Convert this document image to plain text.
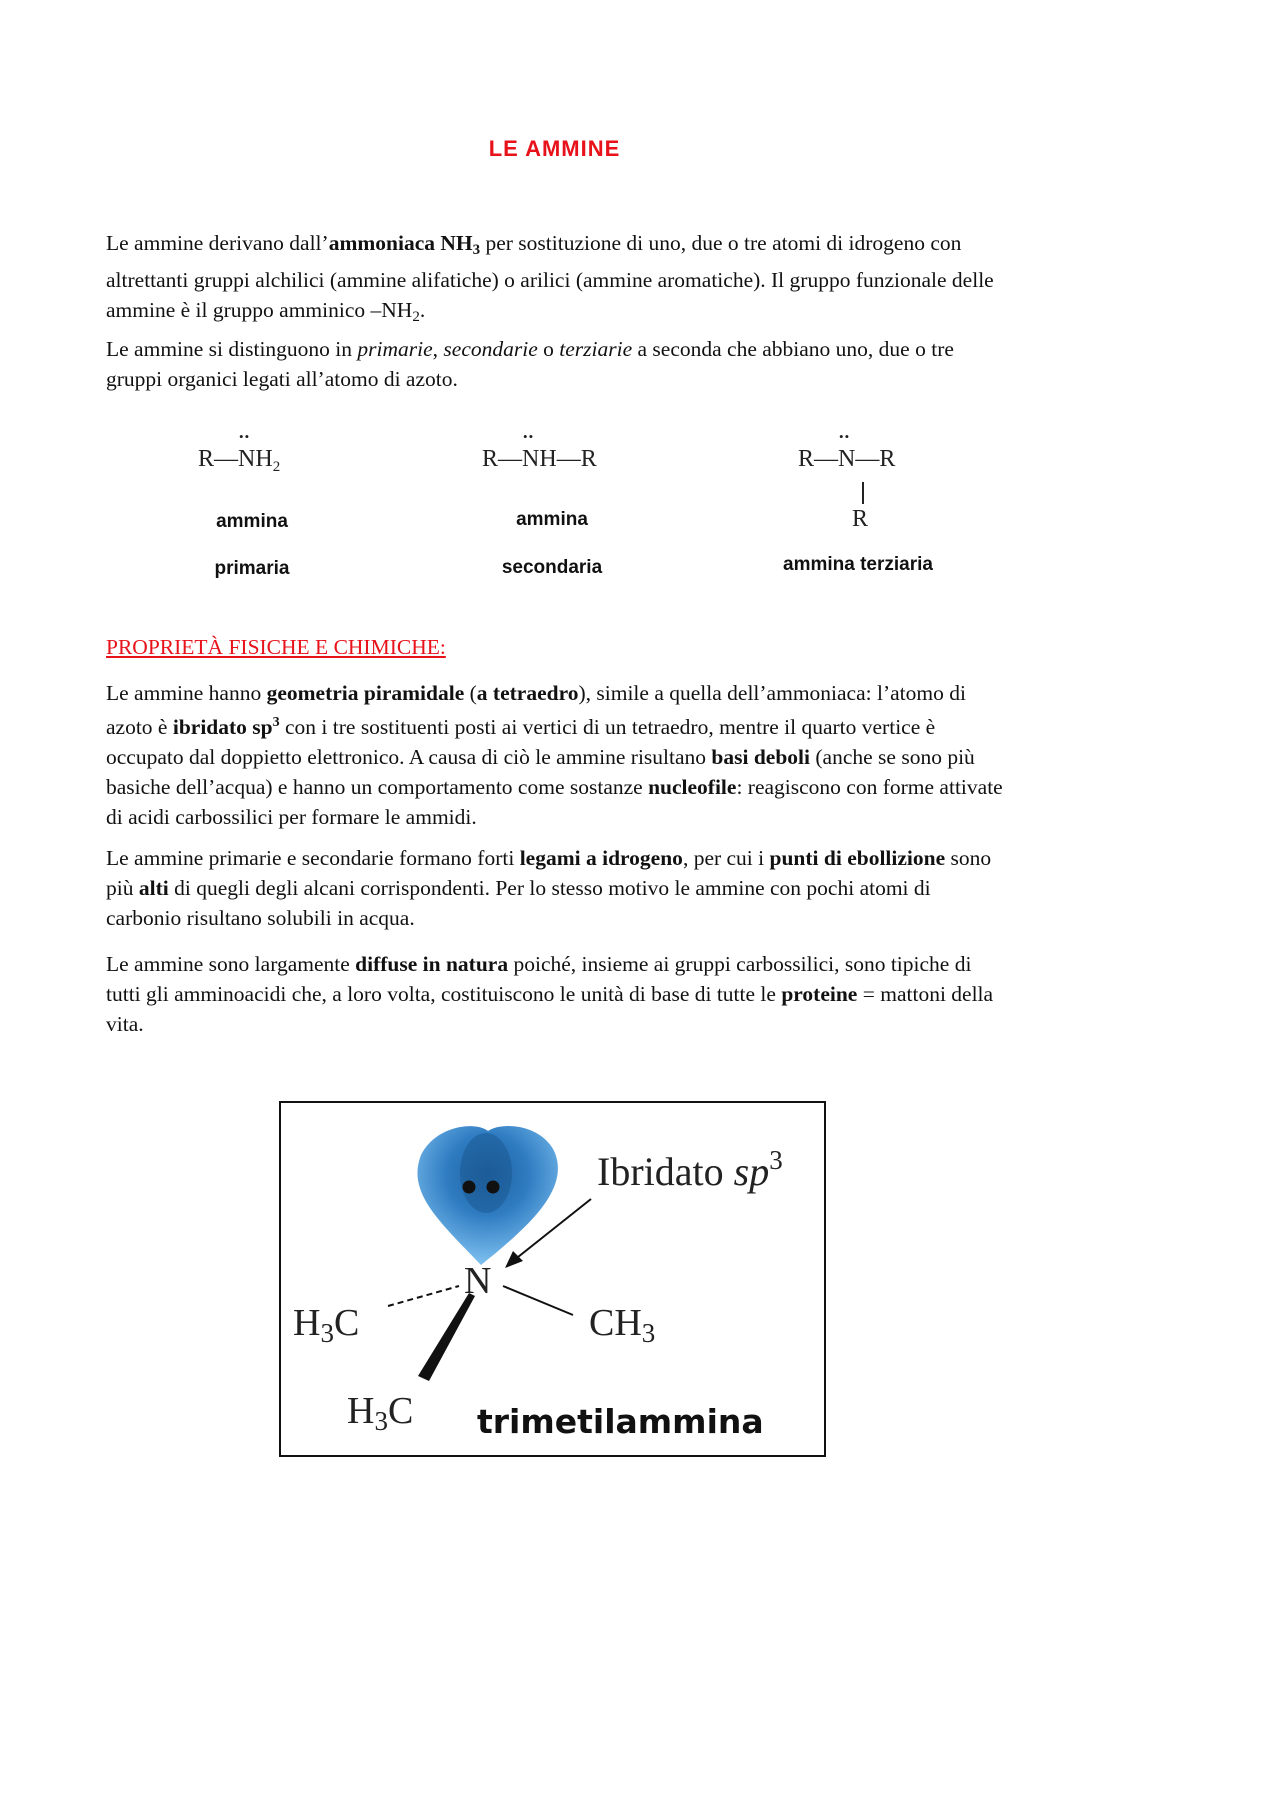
LE AMMINE

Le ammine derivano dall’ammoniaca $NH_3$ per sostituzione di uno, due o tre atomi di idrogeno con altrettanti gruppi alchilici (ammine alifatiche) o arilici (ammine aromatiche). Il gruppo funzionale delle ammine è il gruppo amminico $-NH_2$.

Le ammine si distinguono in primarie, secondarie o terziarie a seconda che abbiano uno, due o tre gruppi organici legati all’atomo di azoto.

R—•• $NH_2$
ammina
primaria
R—•• NH—R
ammina
secondaria
R—•• N—R
R
ammina terziaria
PROPRIETÀ FISICHE E CHIMICHE:

Le ammine hanno geometria piramidale (a tetraedro), simile a quella dell’ammoniaca: l’atomo di azoto è ibridato $sp^3$ con i tre sostituenti posti ai vertici di un tetraedro, mentre il quarto vertice è occupato dal doppietto elettronico. A causa di ciò le ammine risultano basi deboli (anche se sono più basiche dell’acqua) e hanno un comportamento come sostanze nucleofile: reagiscono con forme attivate di acidi carbossilici per formare le ammidi.

Le ammine primarie e secondarie formano forti legami a idrogeno, per cui i punti di ebollizione sono più alti di quegli degli alcani corrispondenti. Per lo stesso motivo le ammine con pochi atomi di carbonio risultano solubili in acqua.

Le ammine sono largamente diffuse in natura poiché, insieme ai gruppi carbossilici, sono tipiche di tutti gli amminoacidi che, a loro volta, costituiscono le unità di base di tutte le proteine = mattoni della vita.

Ibridato $sp^3$
N
H3C	CH3
H3C trimetilammina
